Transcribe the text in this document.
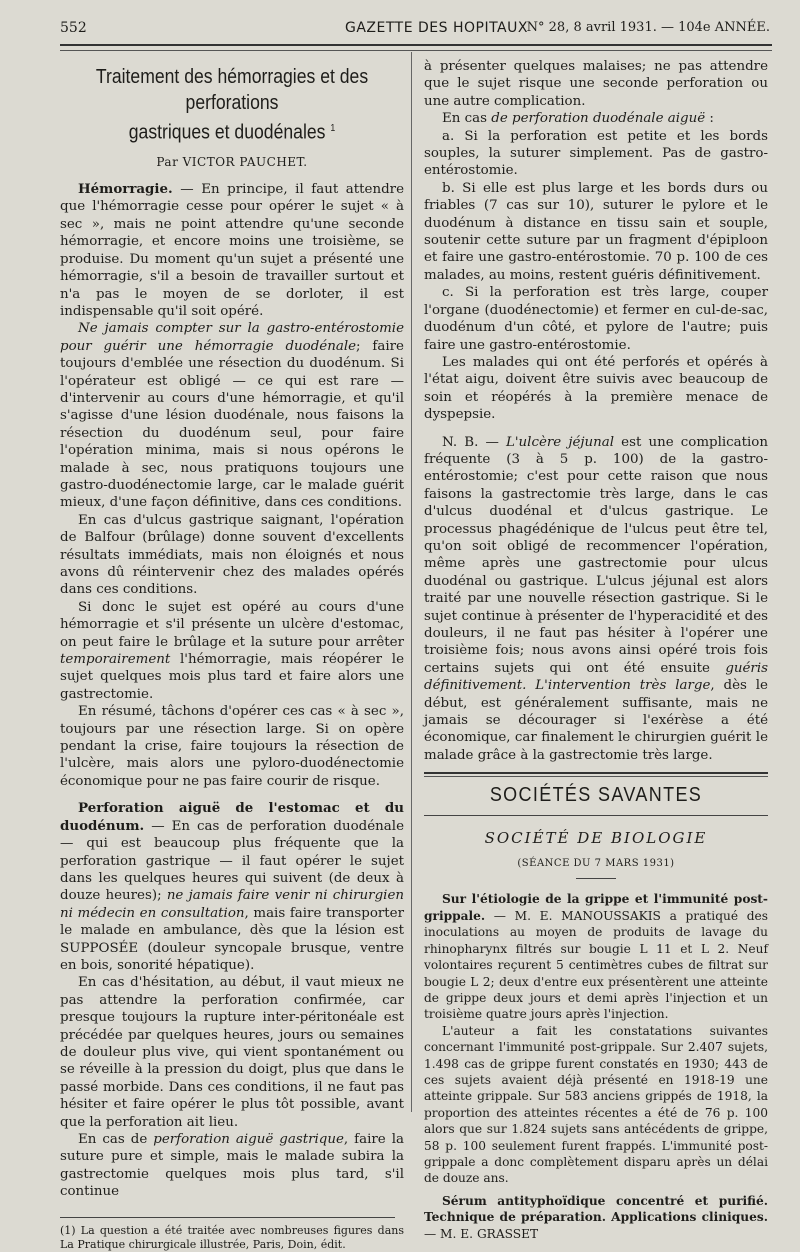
552	GAZETTE DES HOPITAUX
N° 28, 8 avril 1931. — 104e ANNÉE.
Traitement des hémorragies et des perforations
gastriques et duodénales $^1$
Par VICTOR PAUCHET.

Hémorragie. — En principe, il faut attendre que l'hémorragie cesse pour opérer le sujet « à sec », mais ne point attendre qu'une seconde hémorragie, et encore moins une troisième, se produise. Du moment qu'un sujet a présenté une hémorragie, s'il a besoin de travailler surtout et n'a pas le moyen de se dorloter, il est indispensable qu'il soit opéré.

Ne jamais compter sur la gastro-entérostomie pour guérir une hémorragie duodénale; faire toujours d'emblée une résection du duodénum. Si l'opérateur est obligé — ce qui est rare — d'intervenir au cours d'une hémorragie, et qu'il s'agisse d'une lésion duodénale, nous faisons la résection du duodénum seul, pour faire l'opération minima, mais si nous opérons le malade à sec, nous pratiquons toujours une gastro-duodénectomie large, car le malade guérit mieux, d'une façon définitive, dans ces conditions.

En cas d'ulcus gastrique saignant, l'opération de Balfour (brûlage) donne souvent d'excellents résultats immédiats, mais non éloignés et nous avons dû réintervenir chez des malades opérés dans ces conditions.

Si donc le sujet est opéré au cours d'une hémorragie et s'il présente un ulcère d'estomac, on peut faire le brûlage et la suture pour arrêter temporairement l'hémorragie, mais réopérer le sujet quelques mois plus tard et faire alors une gastrectomie.

En résumé, tâchons d'opérer ces cas « à sec », toujours par une résection large. Si on opère pendant la crise, faire toujours la résection de l'ulcère, mais alors une pyloro-duodénectomie économique pour ne pas faire courir de risque.

Perforation aiguë de l'estomac et du duodénum. — En cas de perforation duodénale — qui est beaucoup plus fréquente que la perforation gastrique — il faut opérer le sujet dans les quelques heures qui suivent (de deux à douze heures); ne jamais faire venir ni chirurgien ni médecin en consultation, mais faire transporter le malade en ambulance, dès que la lésion est SUPPOSÉE (douleur syncopale brusque, ventre en bois, sonorité hépatique).

En cas d'hésitation, au début, il vaut mieux ne pas attendre la perforation confirmée, car presque toujours la rupture inter-péritonéale est précédée par quelques heures, jours ou semaines de douleur plus vive, qui vient spontanément ou se réveille à la pression du doigt, plus que dans le passé morbide. Dans ces conditions, il ne faut pas hésiter et faire opérer le plus tôt possible, avant que la perforation ait lieu.

En cas de perforation aiguë gastrique, faire la suture pure et simple, mais le malade subira la gastrectomie quelques mois plus tard, s'il continue

(1) La question a été traitée avec nombreuses figures dans La Pratique chirurgicale illustrée, Paris, Doin, édit.

à présenter quelques malaises; ne pas attendre que le sujet risque une seconde perforation ou une autre complication.

En cas de perforation duodénale aiguë :

a. Si la perforation est petite et les bords souples, la suturer simplement. Pas de gastro-entérostomie.

b. Si elle est plus large et les bords durs ou friables (7 cas sur 10), suturer le pylore et le duodénum à distance en tissu sain et souple, soutenir cette suture par un fragment d'épiploon et faire une gastro-entérostomie. 70 p. 100 de ces malades, au moins, restent guéris définitivement.

c. Si la perforation est très large, couper l'organe (duodénectomie) et fermer en cul-de-sac, duodénum d'un côté, et pylore de l'autre; puis faire une gastro-entérostomie.

Les malades qui ont été perforés et opérés à l'état aigu, doivent être suivis avec beaucoup de soin et réopérés à la première menace de dyspepsie.

N. B. — L'ulcère jéjunal est une complication fréquente (3 à 5 p. 100) de la gastro-entérostomie; c'est pour cette raison que nous faisons la gastrectomie très large, dans le cas d'ulcus duodénal et d'ulcus gastrique. Le processus phagédénique de l'ulcus peut être tel, qu'on soit obligé de recommencer l'opération, même après une gastrectomie pour ulcus duodénal ou gastrique. L'ulcus jéjunal est alors traité par une nouvelle résection gastrique. Si le sujet continue à présenter de l'hyperacidité et des douleurs, il ne faut pas hésiter à l'opérer une troisième fois; nous avons ainsi opéré trois fois certains sujets qui ont été ensuite guéris définitivement. L'intervention très large, dès le début, est généralement suffisante, mais ne jamais se décourager si l'exérèse a été économique, car finalement le chirurgien guérit le malade grâce à la gastrectomie très large.

SOCIÉTÉS SAVANTES
SOCIÉTÉ DE BIOLOGIE
(SÉANCE DU 7 MARS 1931)

Sur l'étiologie de la grippe et l'immunité post-grippale. — M. E. MANOUSSAKIS a pratiqué des inoculations au moyen de produits de lavage du rhinopharynx filtrés sur bougie L 11 et L 2. Neuf volontaires reçurent 5 centimètres cubes de filtrat sur bougie L 2; deux d'entre eux présentèrent une atteinte de grippe deux jours et demi après l'injection et un troisième quatre jours après l'injection.

L'auteur a fait les constatations suivantes concernant l'immunité post-grippale. Sur 2.407 sujets, 1.498 cas de grippe furent constatés en 1930; 443 de ces sujets avaient déjà présenté en 1918-19 une atteinte grippale. Sur 583 anciens grippés de 1918, la proportion des atteintes récentes a été de 76 p. 100 alors que sur 1.824 sujets sans antécédents de grippe, 58 p. 100 seulement furent frappés. L'immunité post-grippale a donc complètement disparu après un délai de douze ans.

Sérum antityphoïdique concentré et purifié. Technique de préparation. Applications cliniques. — M. E. GRASSET
